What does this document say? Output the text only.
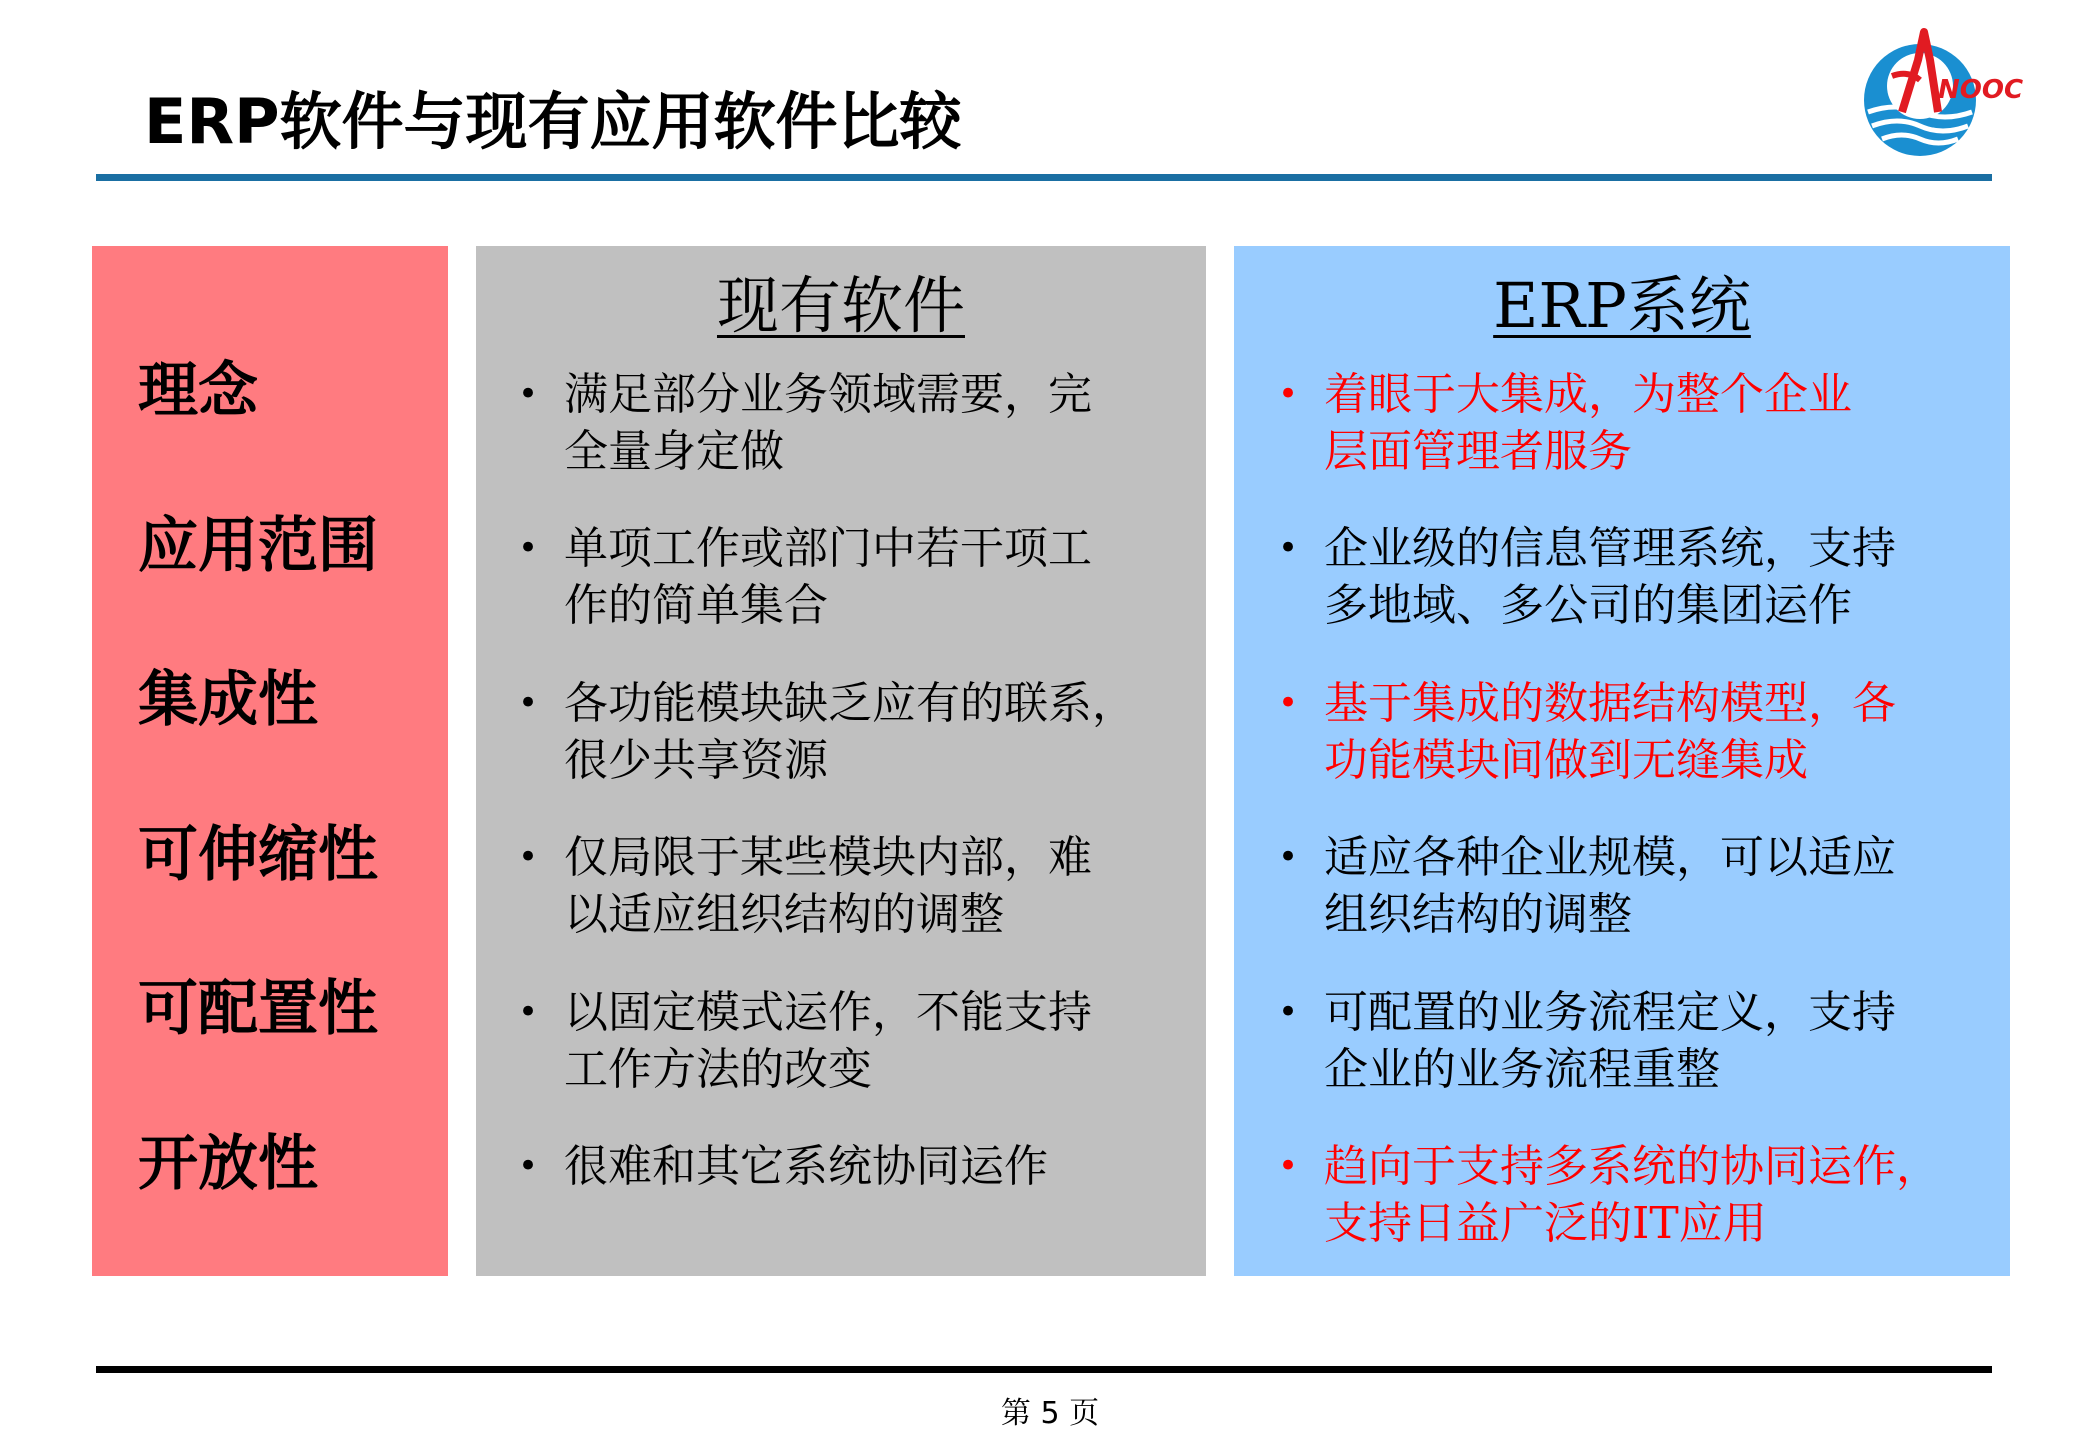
ERP软件与现有应用软件比较	NOOC
理念
应用范围
集成性
可伸缩性
可配置性
开放性
现有软件
• 满足部分业务领域需要，完
全量身定做
• 单项工作或部门中若干项工
作的简单集合
• 各功能模块缺乏应有的联系，
很少共享资源
• 仅局限于某些模块内部，难
以适应组织结构的调整
• 以固定模式运作，不能支持
工作方法的改变
• 很难和其它系统协同运作
ERP系统
• 着眼于大集成，为整个企业
层面管理者服务
• 企业级的信息管理系统，支持
多地域、多公司的集团运作
• 基于集成的数据结构模型，各
功能模块间做到无缝集成
• 适应各种企业规模，可以适应
组织结构的调整
• 可配置的业务流程定义，支持
企业的业务流程重整
• 趋向于支持多系统的协同运作，
支持日益广泛的IT应用
第 5 页
